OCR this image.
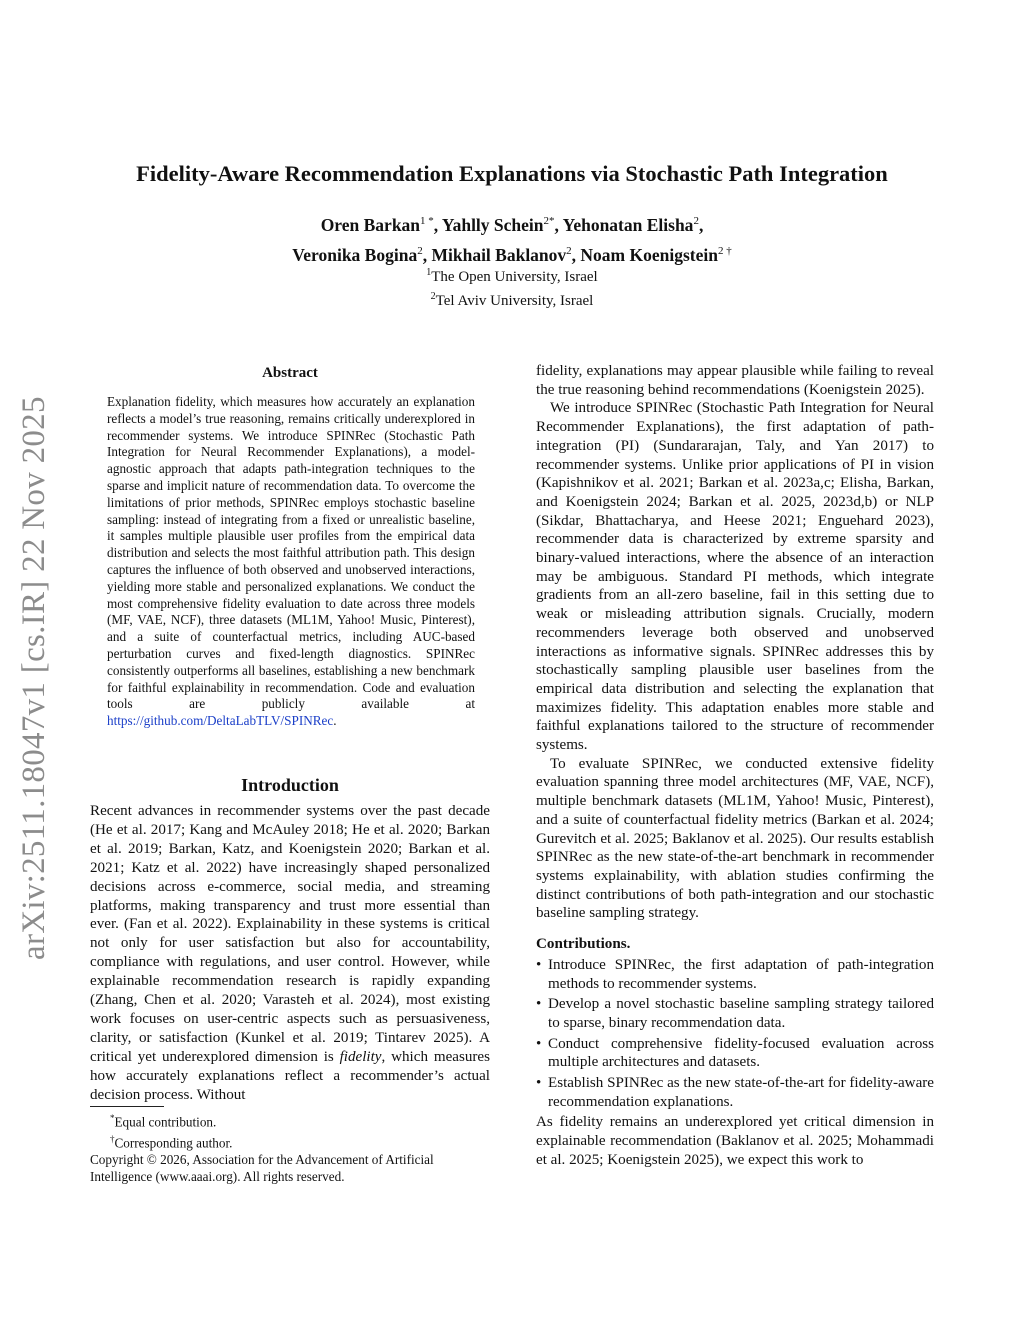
arXiv:2511.18047v1 [cs.IR] 22 Nov 2025
Fidelity-Aware Recommendation Explanations via Stochastic Path Integration
Oren Barkan$^{1 *}$, Yahlly Schein$^{2*}$, Yehonatan Elisha$^2$,
Veronika Bogina$^2$, Mikhail Baklanov$^2$, Noam Koenigstein$^{2 \dagger}$
$^1$The Open University, Israel
$^2$Tel Aviv University, Israel
Abstract

Explanation fidelity, which measures how accurately an explanation reflects a model’s true reasoning, remains critically underexplored in recommender systems. We introduce SPINRec (Stochastic Path Integration for Neural Recommender Explanations), a model-agnostic approach that adapts path-integration techniques to the sparse and implicit nature of recommendation data. To overcome the limitations of prior methods, SPINRec employs stochastic baseline sampling: instead of integrating from a fixed or unrealistic baseline, it samples multiple plausible user profiles from the empirical data distribution and selects the most faithful attribution path. This design captures the influence of both observed and unobserved interactions, yielding more stable and personalized explanations. We conduct the most comprehensive fidelity evaluation to date across three models (MF, VAE, NCF), three datasets (ML1M, Yahoo! Music, Pinterest), and a suite of counterfactual metrics, including AUC-based perturbation curves and fixed-length diagnostics. SPINRec consistently outperforms all baselines, establishing a new benchmark for faithful explainability in recommendation. Code and evaluation tools are publicly available at https://github.com/DeltaLabTLV/SPINRec.

Introduction

Recent advances in recommender systems over the past decade (He et al. 2017; Kang and McAuley 2018; He et al. 2020; Barkan et al. 2019; Barkan, Katz, and Koenigstein 2020; Barkan et al. 2021; Katz et al. 2022) have increasingly shaped personalized decisions across e-commerce, social media, and streaming platforms, making transparency and trust more essential than ever. (Fan et al. 2022). Explainability in these systems is critical not only for user satisfaction but also for accountability, compliance with regulations, and user control. However, while explainable recommendation research is rapidly expanding (Zhang, Chen et al. 2020; Varasteh et al. 2024), most existing work focuses on user-centric aspects such as persuasiveness, clarity, or satisfaction (Kunkel et al. 2019; Tintarev 2025). A critical yet underexplored dimension is fidelity, which measures how accurately explanations reflect a recommender’s actual decision process. Without

*Equal contribution.
†Corresponding author.
Copyright © 2026, Association for the Advancement of Artificial Intelligence (www.aaai.org). All rights reserved.

fidelity, explanations may appear plausible while failing to reveal the true reasoning behind recommendations (Koenigstein 2025).

We introduce SPINRec (Stochastic Path Integration for Neural Recommender Explanations), the first adaptation of path-integration (PI) (Sundararajan, Taly, and Yan 2017) to recommender systems. Unlike prior applications of PI in vision (Kapishnikov et al. 2021; Barkan et al. 2023a,c; Elisha, Barkan, and Koenigstein 2024; Barkan et al. 2025, 2023d,b) or NLP (Sikdar, Bhattacharya, and Heese 2021; Enguehard 2023), recommender data is characterized by extreme sparsity and binary-valued interactions, where the absence of an interaction may be ambiguous. Standard PI methods, which integrate gradients from an all-zero baseline, fail in this setting due to weak or misleading attribution signals. Crucially, modern recommenders leverage both observed and unobserved interactions as informative signals. SPINRec addresses this by stochastically sampling plausible user baselines from the empirical data distribution and selecting the explanation that maximizes fidelity. This adaptation enables more stable and faithful explanations tailored to the structure of recommender systems.

To evaluate SPINRec, we conducted extensive fidelity evaluation spanning three model architectures (MF, VAE, NCF), multiple benchmark datasets (ML1M, Yahoo! Music, Pinterest), and a suite of counterfactual fidelity metrics (Barkan et al. 2024; Gurevitch et al. 2025; Baklanov et al. 2025). Our results establish SPINRec as the new state-of-the-art benchmark in recommender systems explainability, with ablation studies confirming the distinct contributions of both path-integration and our stochastic baseline sampling strategy.

Contributions.

• Introduce SPINRec, the first adaptation of path-integration methods to recommender systems.
• Develop a novel stochastic baseline sampling strategy tailored to sparse, binary recommendation data.
• Conduct comprehensive fidelity-focused evaluation across multiple architectures and datasets.
• Establish SPINRec as the new state-of-the-art for fidelity-aware recommendation explanations.

As fidelity remains an underexplored yet critical dimension in explainable recommendation (Baklanov et al. 2025; Mohammadi et al. 2025; Koenigstein 2025), we expect this work to
